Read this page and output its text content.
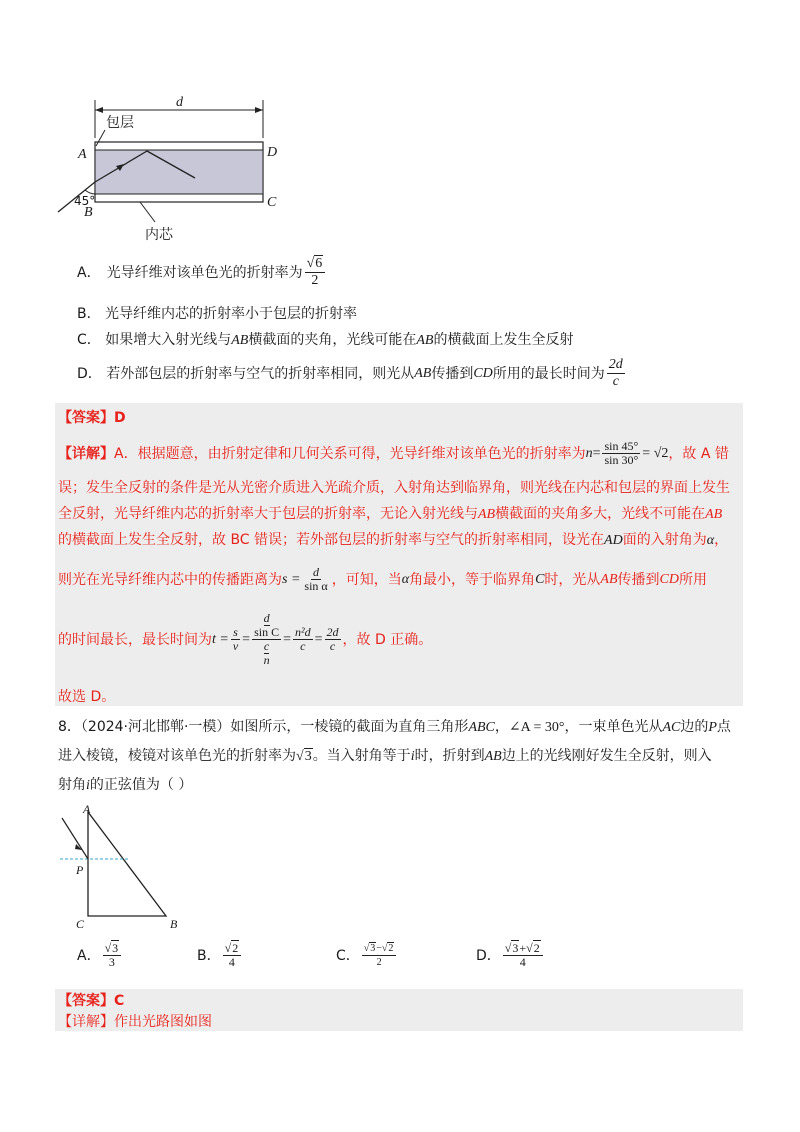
d
包层
A	D
45°
B
C
内芯
A． 光导纤维对该单色光的折射率为 $\frac{√6}{2}$
B． 光导纤维内芯的折射率小于包层的折射率
C． 如果增大入射光线与AB横截面的夹角，光线可能在AB的横截面上发生全反射
D． 若外部包层的折射率与空气的折射率相同，则光从 AB 传播到 CD 所用的最长时间为 $\frac{2d}{c}$
【答案】D
【详解】 A．根据题意，由折射定律和几何关系可得，光导纤维对该单色光的折射率为 $n = \frac{\sin 45^\circ}{\sin 30^\circ} = √2$ ，故 A 错
误；发生全反射的条件是光从光密介质进入光疏介质，入射角达到临界角，则光线在内芯和包层的界面上发生
全反射，光导纤维内芯的折射率大于包层的折射率，无论入射光线与AB横截面的夹角多大，光线不可能在AB
的横截面上发生全反射，故 BC 错误；若外部包层的折射率与空气的折射率相同，设光在AD面的入射角为α，
则光在光导纤维内芯中的传播距离为 $s = \frac{d}{\text{sin α}}$ ，可知，当 α 角最小，等于临界角 C 时，光从 AB 传播到 CD 所用
的时间最长，最长时间为 $t = \frac{s}{v} = d$
sin C
c
$n = \frac{\text{n²d}}{c} = \frac{2d}{c}$ ，故 D 正确。
故选 D。
8．（2024·河北邯郸·一模）如图所示，一棱镜的截面为直角三角形ABC，∠A = 30°，一束单色光从AC边的P点
进入棱镜，棱镜对该单色光的折射率为√3。当入射角等于i时，折射到AB边上的光线刚好发生全反射，则入
射角i的正弦值为（ ）
A
P
C	B
A． $\frac{√3}{3}$	B． $\frac{√2}{4}$	C． $\frac{√3-√2}{2}$	D． $\frac{√3+√2}{4}$
【答案】C
【详解】作出光路图如图
